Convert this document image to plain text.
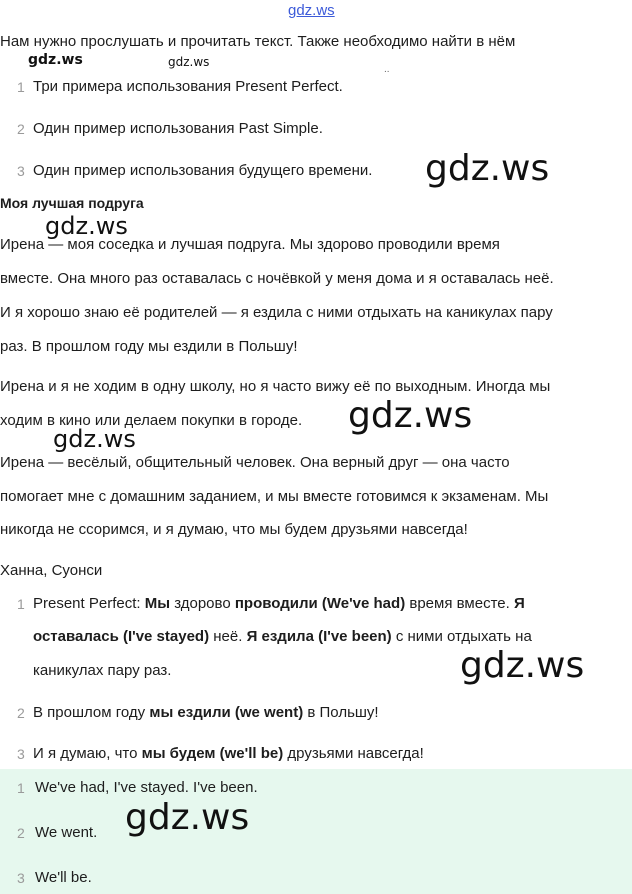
gdz.ws
Нам нужно прослушать и прочитать текст. Также необходимо найти в нём
gdz.ws	gdz.ws
..
1 Три примера использования Present Perfect.
2 Один пример использования Past Simple.
3 Один пример использования будущего времени. gdz.ws
Моя лучшая подруга
gdz.ws
Ирена — моя соседка и лучшая подруга. Мы здорово проводили время
вместе. Она много раз оставалась с ночёвкой у меня дома и я оставалась неё.
И я хорошо знаю её родителей — я ездила с ними отдыхать на каникулах пару
раз. В прошлом году мы ездили в Польшу!
Ирена и я не ходим в одну школу, но я часто вижу её по выходным. Иногда мы
ходим в кино или делаем покупки в городе. gdz.ws
gdz.ws
Ирена — весёлый, общительный человек. Она верный друг — она часто
помогает мне с домашним заданием, и мы вместе готовимся к экзаменам. Мы
никогда не ссоримся, и я думаю, что мы будем друзьями навсегда!
Ханна, Суонси
1 Present Perfect: Мы здорово проводили (We've had) время вместе. Я
оставалась (I've stayed) неё. Я ездила (I've been) с ними отдыхать на
каникулах пару раз.	gdz.ws
2 В прошлом году мы ездили (we went) в Польшу!
3 И я думаю, что мы будем (we'll be) друзьями навсегда!
1 We've had, I've stayed. I've been.
2 We went.
3 We'll be.
gdz.ws
